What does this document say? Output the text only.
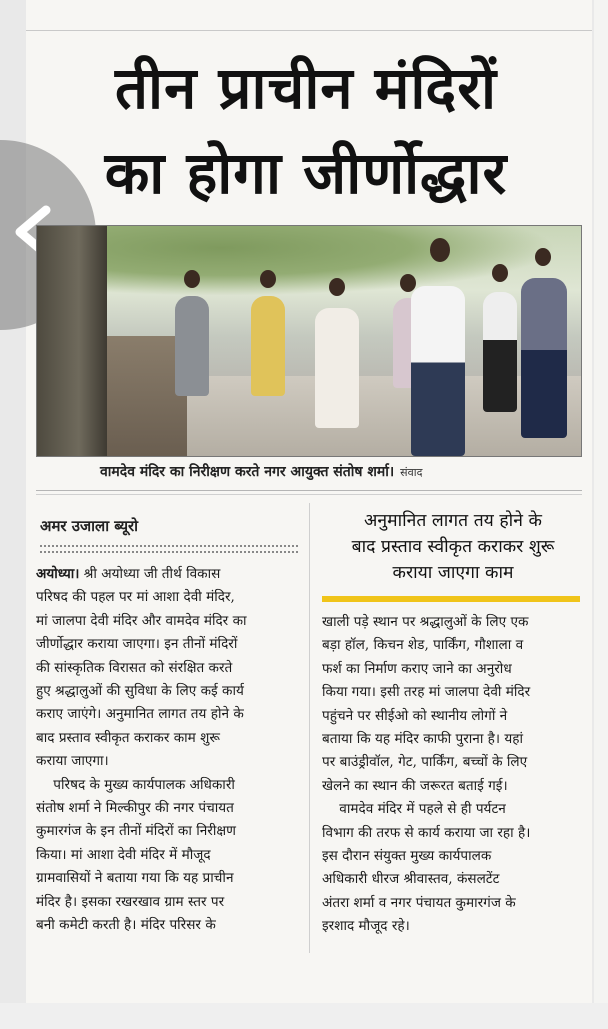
तीन प्राचीन मंदिरों
का होगा जीर्णोद्धार
वामदेव मंदिर का निरीक्षण करते नगर आयुक्त संतोष शर्मा। संवाद
अमर उजाला ब्यूरो	अनुमानित लागत तय होने के
बाद प्रस्ताव स्वीकृत कराकर शुरू
कराया जाएगा काम
अयोध्या। श्री अयोध्या जी तीर्थ विकास
परिषद की पहल पर मां आशा देवी मंदिर,
मां जालपा देवी मंदिर और वामदेव मंदिर का
जीर्णोद्धार कराया जाएगा। इन तीनों मंदिरों
की सांस्कृतिक विरासत को संरक्षित करते
हुए श्रद्धालुओं की सुविधा के लिए कई कार्य
कराए जाएंगे। अनुमानित लागत तय होने के
बाद प्रस्ताव स्वीकृत कराकर काम शुरू
कराया जाएगा।
परिषद के मुख्य कार्यपालक अधिकारी
संतोष शर्मा ने मिल्कीपुर की नगर पंचायत
कुमारगंज के इन तीनों मंदिरों का निरीक्षण
किया। मां आशा देवी मंदिर में मौजूद
ग्रामवासियों ने बताया गया कि यह प्राचीन
मंदिर है। इसका रखरखाव ग्राम स्तर पर
बनी कमेटी करती है। मंदिर परिसर के
खाली पड़े स्थान पर श्रद्धालुओं के लिए एक
बड़ा हॉल, किचन शेड, पार्किंग, गौशाला व
फर्श का निर्माण कराए जाने का अनुरोध
किया गया। इसी तरह मां जालपा देवी मंदिर
पहुंचने पर सीईओ को स्थानीय लोगों ने
बताया कि यह मंदिर काफी पुराना है। यहां
पर बाउंड्रीवॉल, गेट, पार्किंग, बच्चों के लिए
खेलने का स्थान की जरूरत बताई गई।
वामदेव मंदिर में पहले से ही पर्यटन
विभाग की तरफ से कार्य कराया जा रहा है।
इस दौरान संयुक्त मुख्य कार्यपालक
अधिकारी धीरज श्रीवास्तव, कंसलटेंट
अंतरा शर्मा व नगर पंचायत कुमारगंज के
इरशाद मौजूद रहे।
